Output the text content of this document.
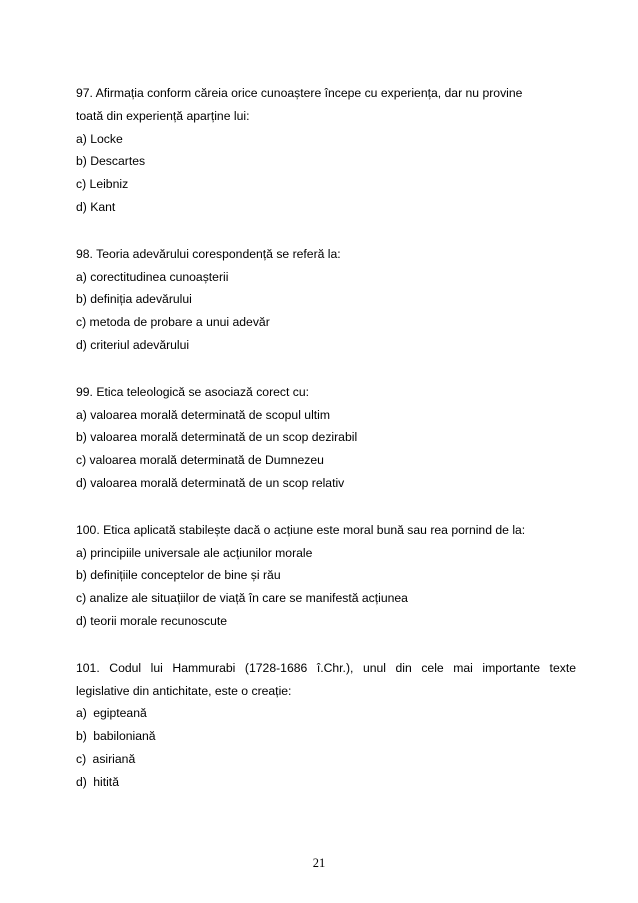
97. Afirmația conform căreia orice cunoaștere începe cu experiența, dar nu provine
toată din experiență aparține lui:
a) Locke
b) Descartes
c) Leibniz
d) Kant
98. Teoria adevărului corespondență se referă la:
a) corectitudinea cunoașterii
b) definiția adevărului
c) metoda de probare a unui adevăr
d) criteriul adevărului
99. Etica teleologică se asociază corect cu:
a) valoarea morală determinată de scopul ultim
b) valoarea morală determinată de un scop dezirabil
c) valoarea morală determinată de Dumnezeu
d) valoarea morală determinată de un scop relativ
100. Etica aplicată stabilește dacă o acțiune este moral bună sau rea pornind de la:
a) principiile universale ale acțiunilor morale
b) definițiile conceptelor de bine și rău
c) analize ale situațiilor de viață în care se manifestă acțiunea
d) teorii morale recunoscute
101. Codul lui Hammurabi (1728-1686 î.Chr.), unul din cele mai importante texte
legislative din antichitate, este o creație:
a) egipteană
b) babiloniană
c) asiriană
d) hitită
21
